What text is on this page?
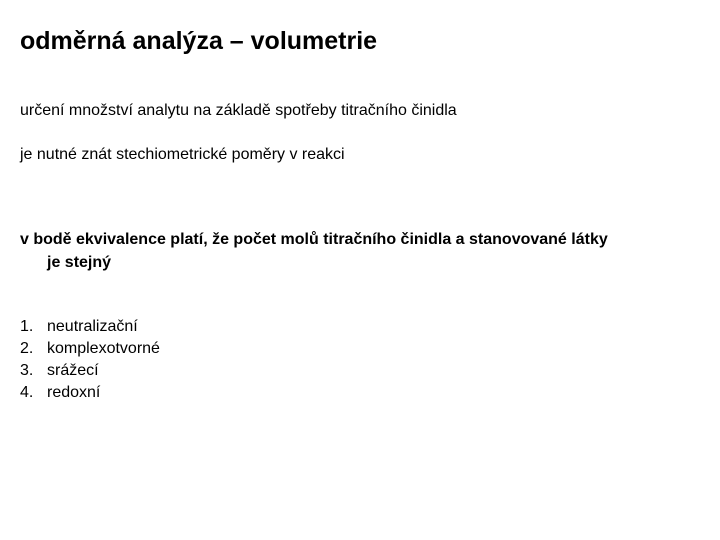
odměrná analýza – volumetrie

určení množství analytu na základě spotřeby titračního činidla

je nutné znát stechiometrické poměry v reakci

v bodě ekvivalence platí, že počet molů titračního činidla a stanovované látky
je stejný

1. neutralizační
2. komplexotvorné
3. srážecí
4. redoxní
